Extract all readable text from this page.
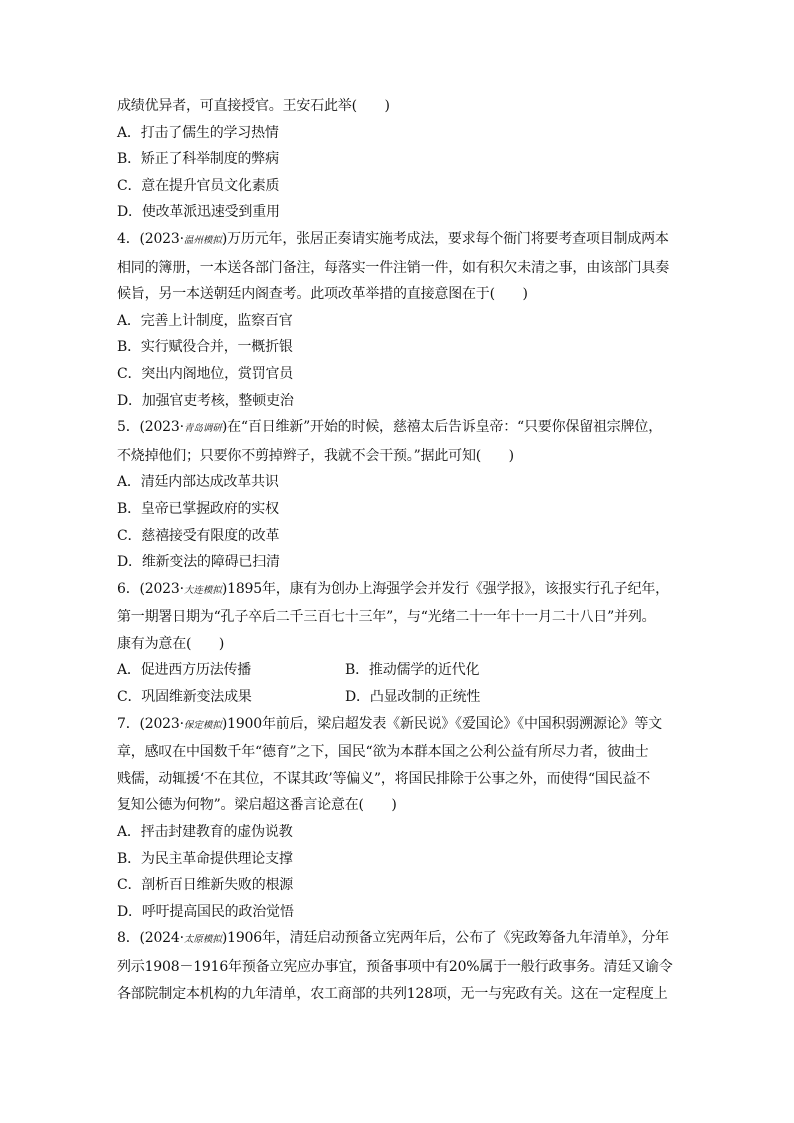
成绩优异者，可直接授官。王安石此举(　　)
A．打击了儒生的学习热情
B．矫正了科举制度的弊病
C．意在提升官员文化素质
D．使改革派迅速受到重用
4．(2023·温州模拟)万历元年，张居正奏请实施考成法，要求每个衙门将要考查项目制成两本
相同的簿册，一本送各部门备注，每落实一件注销一件，如有积欠未清之事，由该部门具奏
候旨，另一本送朝廷内阁查考。此项改革举措的直接意图在于(　　)
A．完善上计制度，监察百官
B．实行赋役合并，一概折银
C．突出内阁地位，赏罚官员
D．加强官吏考核，整顿吏治
5．(2023·青岛调研)在“百日维新”开始的时候，慈禧太后告诉皇帝：“只要你保留祖宗牌位，
不烧掉他们；只要你不剪掉辫子，我就不会干预。”据此可知(　　)
A．清廷内部达成改革共识
B．皇帝已掌握政府的实权
C．慈禧接受有限度的改革
D．维新变法的障碍已扫清
6．(2023·大连模拟)1895年，康有为创办上海强学会并发行《强学报》，该报实行孔子纪年，
第一期署日期为“孔子卒后二千三百七十三年”，与“光绪二十一年十一月二十八日”并列。
康有为意在(　　)
A．促进西方历法传播	B．推动儒学的近代化
C．巩固维新变法成果	D．凸显改制的正统性
7．(2023·保定模拟)1900年前后，梁启超发表《新民说》《爱国论》《中国积弱溯源论》等文
章，感叹在中国数千年“德育”之下，国民“欲为本群本国之公利公益有所尽力者，彼曲士
贱儒，动辄援‘不在其位，不谋其政’等偏义”，将国民排除于公事之外，而使得“国民益不
复知公德为何物”。梁启超这番言论意在(　　)
A．抨击封建教育的虚伪说教
B．为民主革命提供理论支撑
C．剖析百日维新失败的根源
D．呼吁提高国民的政治觉悟
8．(2024·太原模拟)1906年，清廷启动预备立宪两年后，公布了《宪政筹备九年清单》，分年
列示1908－1916年预备立宪应办事宜，预备事项中有20%属于一般行政事务。清廷又谕令
各部院制定本机构的九年清单，农工商部的共列128项，无一与宪政有关。这在一定程度上
